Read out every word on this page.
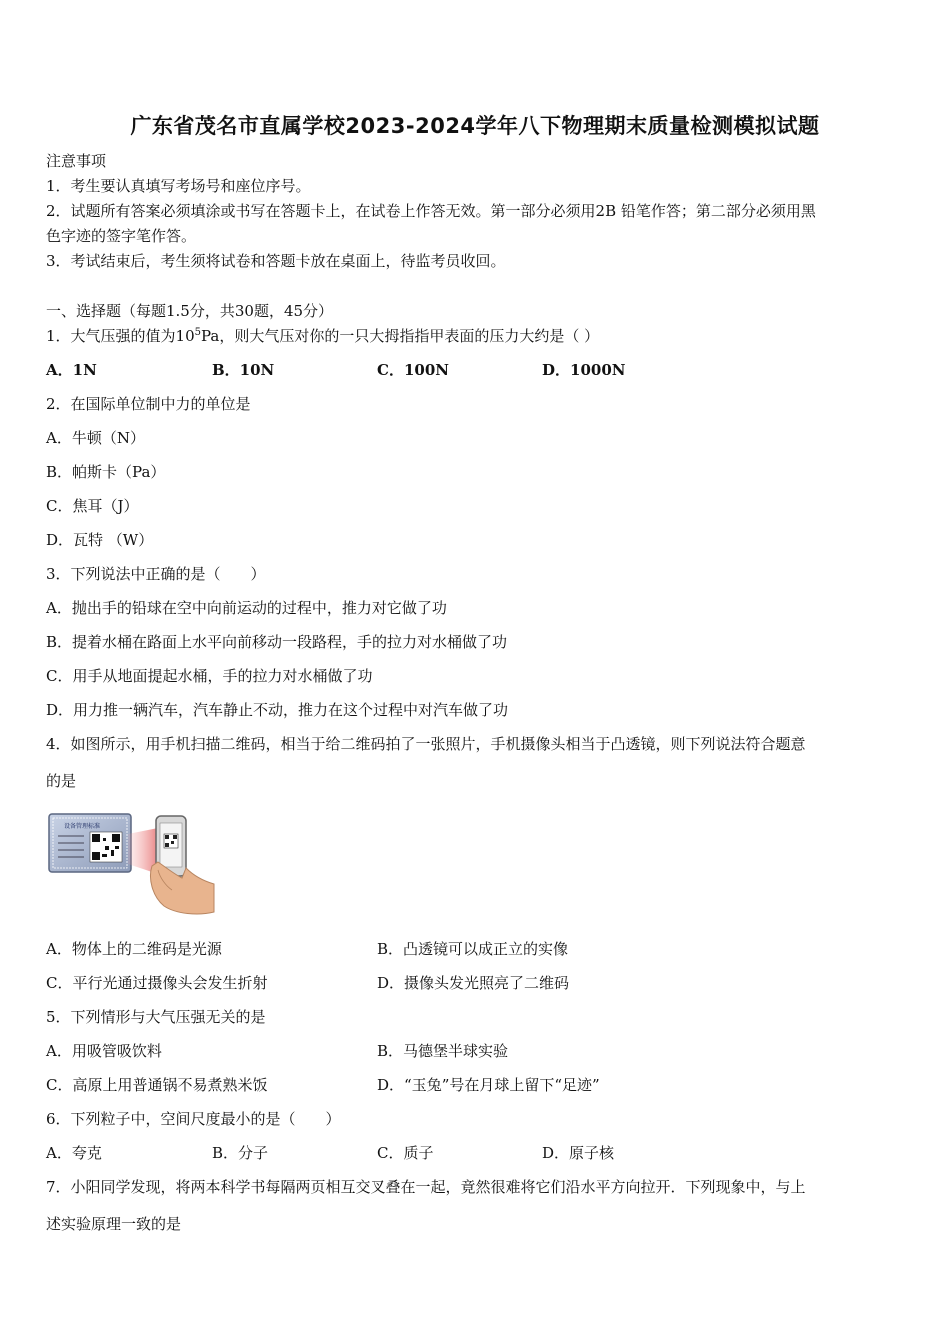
广东省茂名市直属学校2023-2024学年八下物理期末质量检测模拟试题
注意事项
1．考生要认真填写考场号和座位序号。
2．试题所有答案必须填涂或书写在答题卡上，在试卷上作答无效。第一部分必须用2B 铅笔作答；第二部分必须用黑
色字迹的签字笔作答。
3．考试结束后，考生须将试卷和答题卡放在桌面上，待监考员收回。
一、选择题（每题1.5分，共30题，45分）
1．大气压强的值为$10^5Pa$，则大气压对你的一只大拇指指甲表面的压力大约是（ ）
A．1N	B．10N	C．100N	D．1000N
2．在国际单位制中力的单位是
A．牛顿（N）
B．帕斯卡（Pa）
C．焦耳（J）
D．瓦特 （W）
3．下列说法中正确的是（　　）
A．抛出手的铅球在空中向前运动的过程中，推力对它做了功
B．提着水桶在路面上水平向前移动一段路程，手的拉力对水桶做了功
C．用手从地面提起水桶，手的拉力对水桶做了功
D．用力推一辆汽车，汽车静止不动，推力在这个过程中对汽车做了功
4．如图所示，用手机扫描二维码，相当于给二维码拍了一张照片，手机摄像头相当于凸透镜，则下列说法符合题意
的是
设备管理标准
A．物体上的二维码是光源	B．凸透镜可以成正立的实像
C．平行光通过摄像头会发生折射	D．摄像头发光照亮了二维码
5．下列情形与大气压强无关的是
A．用吸管吸饮料	B．马德堡半球实验
C．高原上用普通锅不易煮熟米饭	D．“玉兔”号在月球上留下“足迹”
6．下列粒子中，空间尺度最小的是（　　）
A．夸克	B．分子	C．质子	D．原子核
7．小阳同学发现，将两本科学书每隔两页相互交叉叠在一起，竟然很难将它们沿水平方向拉开．下列现象中，与上
述实验原理一致的是
